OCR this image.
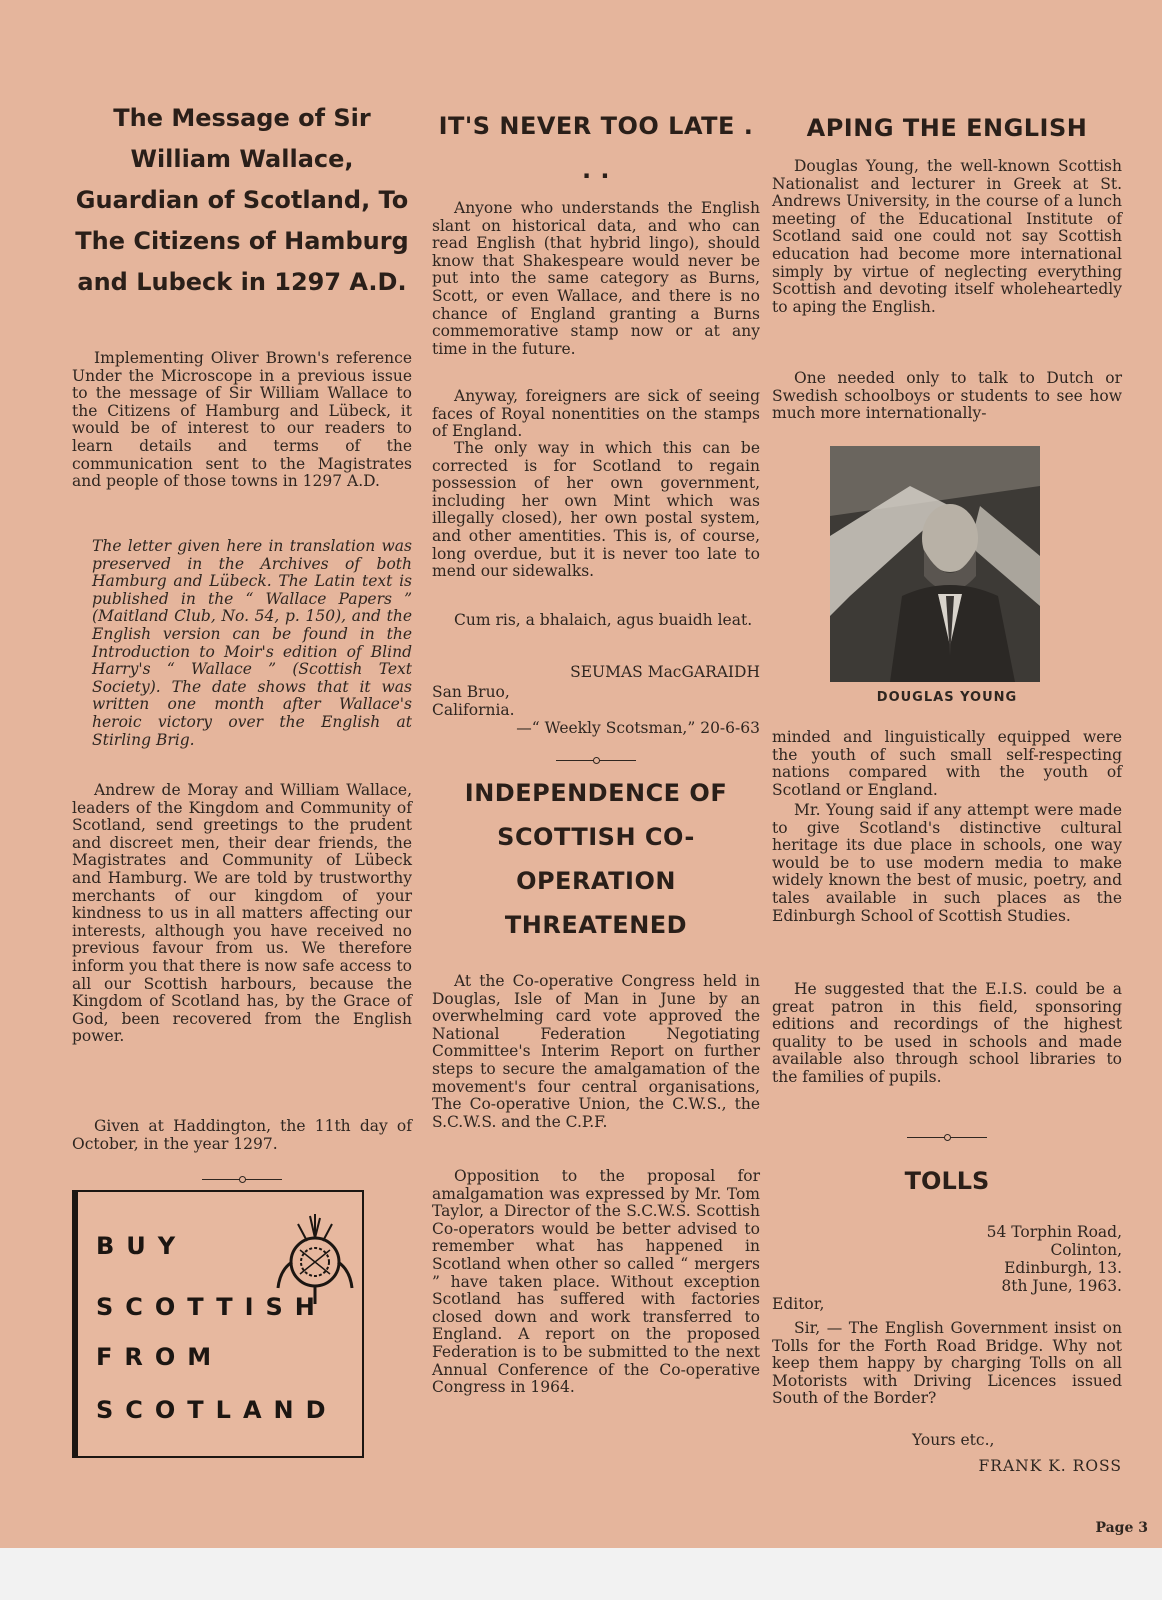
The Message of Sir William Wallace, Guardian of Scotland, To The Citizens of Hamburg and Lubeck in 1297 A.D.

Implementing Oliver Brown's reference Under the Microscope in a previous issue to the message of Sir William Wallace to the Citizens of Hamburg and Lübeck, it would be of interest to our readers to learn details and terms of the communication sent to the Magistrates and people of those towns in 1297 A.D.

The letter given here in translation was preserved in the Archives of both Hamburg and Lübeck. The Latin text is published in the “ Wallace Papers ” (Maitland Club, No. 54, p. 150), and the English version can be found in the Introduction to Moir's edition of Blind Harry's “ Wallace ” (Scottish Text Society). The date shows that it was written one month after Wallace's heroic victory over the English at Stirling Brig.

Andrew de Moray and William Wallace, leaders of the Kingdom and Community of Scotland, send greetings to the prudent and discreet men, their dear friends, the Magistrates and Community of Lübeck and Hamburg. We are told by trustworthy merchants of our kingdom of your kindness to us in all matters affecting our interests, although you have received no previous favour from us. We therefore inform you that there is now safe access to all our Scottish harbours, because the Kingdom of Scotland has, by the Grace of God, been recovered from the English power.

Given at Haddington, the 11th day of October, in the year 1297.

BUY
SCOTTISH
FROM
SCOTLAND
IT'S NEVER TOO LATE . . .

Anyone who understands the English slant on historical data, and who can read English (that hybrid lingo), should know that Shakespeare would never be put into the same category as Burns, Scott, or even Wallace, and there is no chance of England granting a Burns commemorative stamp now or at any time in the future.

Anyway, foreigners are sick of seeing faces of Royal nonentities on the stamps of England.

The only way in which this can be corrected is for Scotland to regain possession of her own government, including her own Mint which was illegally closed), her own postal system, and other amentities. This is, of course, long overdue, but it is never too late to mend our sidewalks.

Cum ris, a bhalaich, agus buaidh leat.

SEUMAS MacGARAIDH

San Bruo,

California.

—“ Weekly Scotsman,” 20-6-63

INDEPENDENCE OF SCOTTISH CO-OPERATION THREATENED

At the Co-operative Congress held in Douglas, Isle of Man in June by an overwhelming card vote approved the National Federation Negotiating Committee's Interim Report on further steps to secure the amalgamation of the movement's four central organisations, The Co-operative Union, the C.W.S., the S.C.W.S. and the C.P.F.

Opposition to the proposal for amalgamation was expressed by Mr. Tom Taylor, a Director of the S.C.W.S. Scottish Co-operators would be better advised to remember what has happened in Scotland when other so called “ mergers ” have taken place. Without exception Scotland has suffered with factories closed down and work transferred to England. A report on the proposed Federation is to be submitted to the next Annual Conference of the Co-operative Congress in 1964.

APING THE ENGLISH

Douglas Young, the well-known Scottish Nationalist and lecturer in Greek at St. Andrews University, in the course of a lunch meeting of the Educational Institute of Scotland said one could not say Scottish education had become more international simply by virtue of neglecting everything Scottish and devoting itself wholeheartedly to aping the English.

One needed only to talk to Dutch or Swedish schoolboys or students to see how much more internationally-

DOUGLAS YOUNG

minded and linguistically equipped were the youth of such small self-respecting nations compared with the youth of Scotland or England.

Mr. Young said if any attempt were made to give Scotland's distinctive cultural heritage its due place in schools, one way would be to use modern media to make widely known the best of music, poetry, and tales available in such places as the Edinburgh School of Scottish Studies.

He suggested that the E.I.S. could be a great patron in this field, sponsoring editions and recordings of the highest quality to be used in schools and made available also through school libraries to the families of pupils.

TOLLS

54 Torphin Road,

Colinton,

Edinburgh, 13.

8th June, 1963.

Editor,

Sir, — The English Government insist on Tolls for the Forth Road Bridge. Why not keep them happy by charging Tolls on all Motorists with Driving Licences issued South of the Border?

Yours etc.,

FRANK K. ROSS

Page 3
